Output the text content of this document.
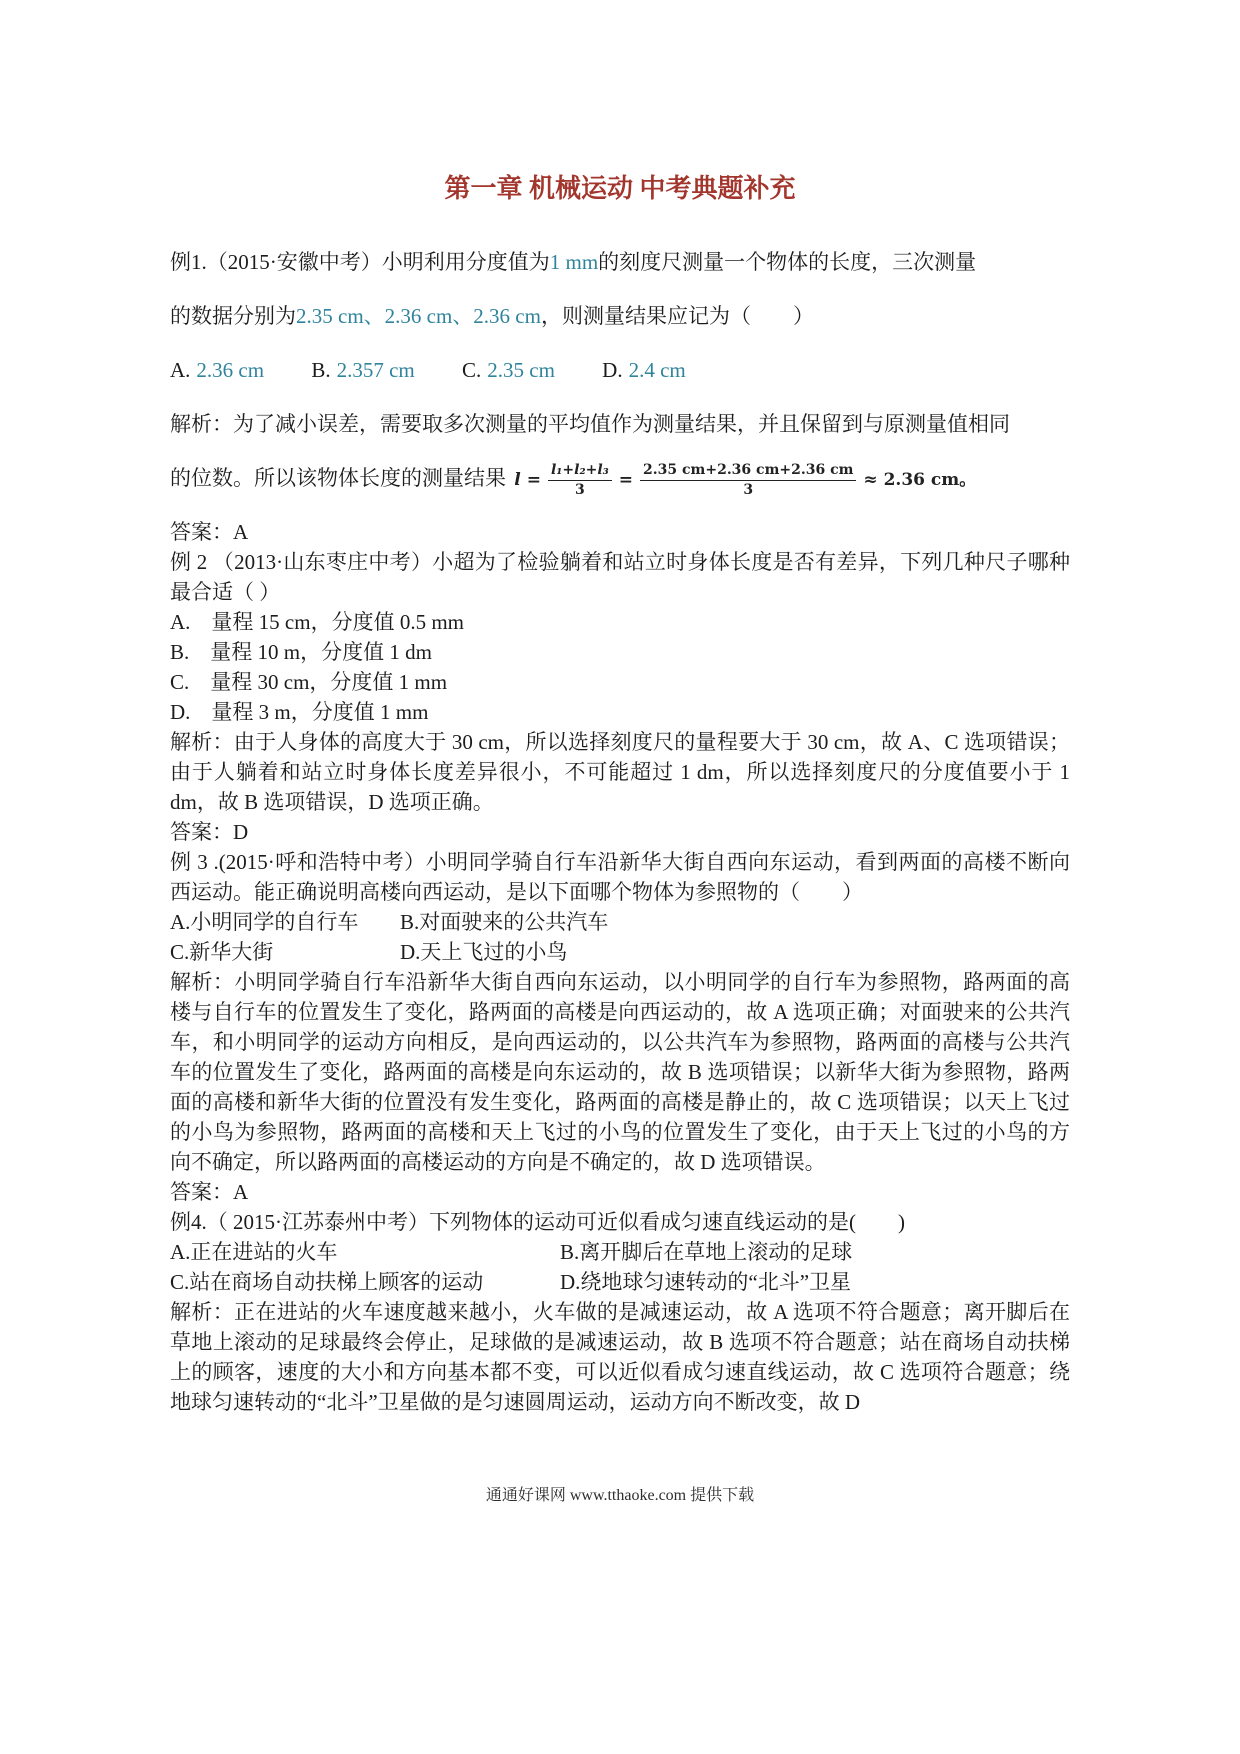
第一章 机械运动 中考典题补充

例1.（2015·安徽中考）小明利用分度值为1 mm的刻度尺测量一个物体的长度，三次测量

的数据分别为2.35 cm、2.36 cm、2.36 cm，则测量结果应记为（　　）

A. 2.36 cm B. 2.357 cm C. 2.35 cm D. 2.4 cm

解析：为了减小误差，需要取多次测量的平均值作为测量结果，并且保留到与原测量值相同

的位数。所以该物体长度的测量结果 $l = \frac{\text{l₁+l₂+l₃}}{3} = \frac{2.35 cm+2.36 cm+2.36 cm}{3} \approx 2.36$ cm。

答案：A

例 2 （2013·山东枣庄中考）小超为了检验躺着和站立时身体长度是否有差异，下列几种尺子哪种最合适（ ）

A.　量程 15 cm，分度值 0.5 mm

B.　量程 10 m，分度值 1 dm

C.　量程 30 cm，分度值 1 mm

D.　量程 3 m，分度值 1 mm

解析：由于人身体的高度大于 30 cm，所以选择刻度尺的量程要大于 30 cm，故 A、C 选项错误；由于人躺着和站立时身体长度差异很小，不可能超过 1 dm，所以选择刻度尺的分度值要小于 1 dm，故 B 选项错误，D 选项正确。

答案：D

例 3 .(2015·呼和浩特中考）小明同学骑自行车沿新华大街自西向东运动，看到两面的高楼不断向西运动。能正确说明高楼向西运动，是以下面哪个物体为参照物的（　　）

A.小明同学的自行车 B.对面驶来的公共汽车

C.新华大街	D.天上飞过的小鸟

解析：小明同学骑自行车沿新华大街自西向东运动，以小明同学的自行车为参照物，路两面的高楼与自行车的位置发生了变化，路两面的高楼是向西运动的，故 A 选项正确；对面驶来的公共汽车，和小明同学的运动方向相反，是向西运动的，以公共汽车为参照物，路两面的高楼与公共汽车的位置发生了变化，路两面的高楼是向东运动的，故 B 选项错误；以新华大街为参照物，路两面的高楼和新华大街的位置没有发生变化，路两面的高楼是静止的，故 C 选项错误；以天上飞过的小鸟为参照物，路两面的高楼和天上飞过的小鸟的位置发生了变化，由于天上飞过的小鸟的方向不确定，所以路两面的高楼运动的方向是不确定的，故 D 选项错误。

答案：A

例4.（ 2015·江苏泰州中考）下列物体的运动可近似看成匀速直线运动的是(　　)

A.正在进站的火车	B.离开脚后在草地上滚动的足球

C.站在商场自动扶梯上顾客的运动	D.绕地球匀速转动的“北斗”卫星

解析：正在进站的火车速度越来越小，火车做的是减速运动，故 A 选项不符合题意；离开脚后在草地上滚动的足球最终会停止，足球做的是减速运动，故 B 选项不符合题意；站在商场自动扶梯上的顾客，速度的大小和方向基本都不变，可以近似看成匀速直线运动，故 C 选项符合题意；绕地球匀速转动的“北斗”卫星做的是匀速圆周运动，运动方向不断改变，故 D

通通好课网 www.tthaoke.com 提供下载
